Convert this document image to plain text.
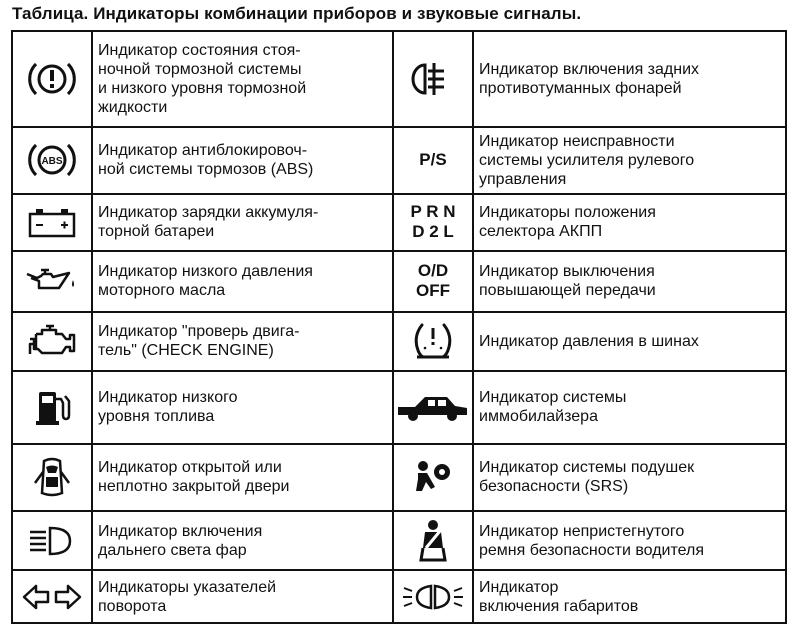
Таблица. Индикаторы комбинации приборов и звуковые сигналы.

Индикатор состояния стоя-
ночной тормозной системы
и низкого уровня тормозной
жидкости		Индикатор включения задних
противотуманных фонарей

ABS	Индикатор антиблокировоч-
ной системы тормозов (ABS)	P/S	Индикатор неисправности
системы усилителя рулевого
управления

Индикатор зарядки аккумуля-
торной батареи	P R N
D 2 L	Индикаторы положения
селектора АКПП

Индикатор низкого давления
моторного масла	O/D
OFF	Индикатор выключения
повышающей передачи

Индикатор "проверь двига-
тель" (CHECK ENGINE)		Индикатор давления в шинах

Индикатор низкого
уровня топлива		Индикатор системы
иммобилайзера

Индикатор открытой или
неплотно закрытой двери		Индикатор системы подушек
безопасности (SRS)

Индикатор включения
дальнего света фар		Индикатор непристегнутого
ремня безопасности водителя

Индикаторы указателей
поворота		Индикатор
включения габаритов
